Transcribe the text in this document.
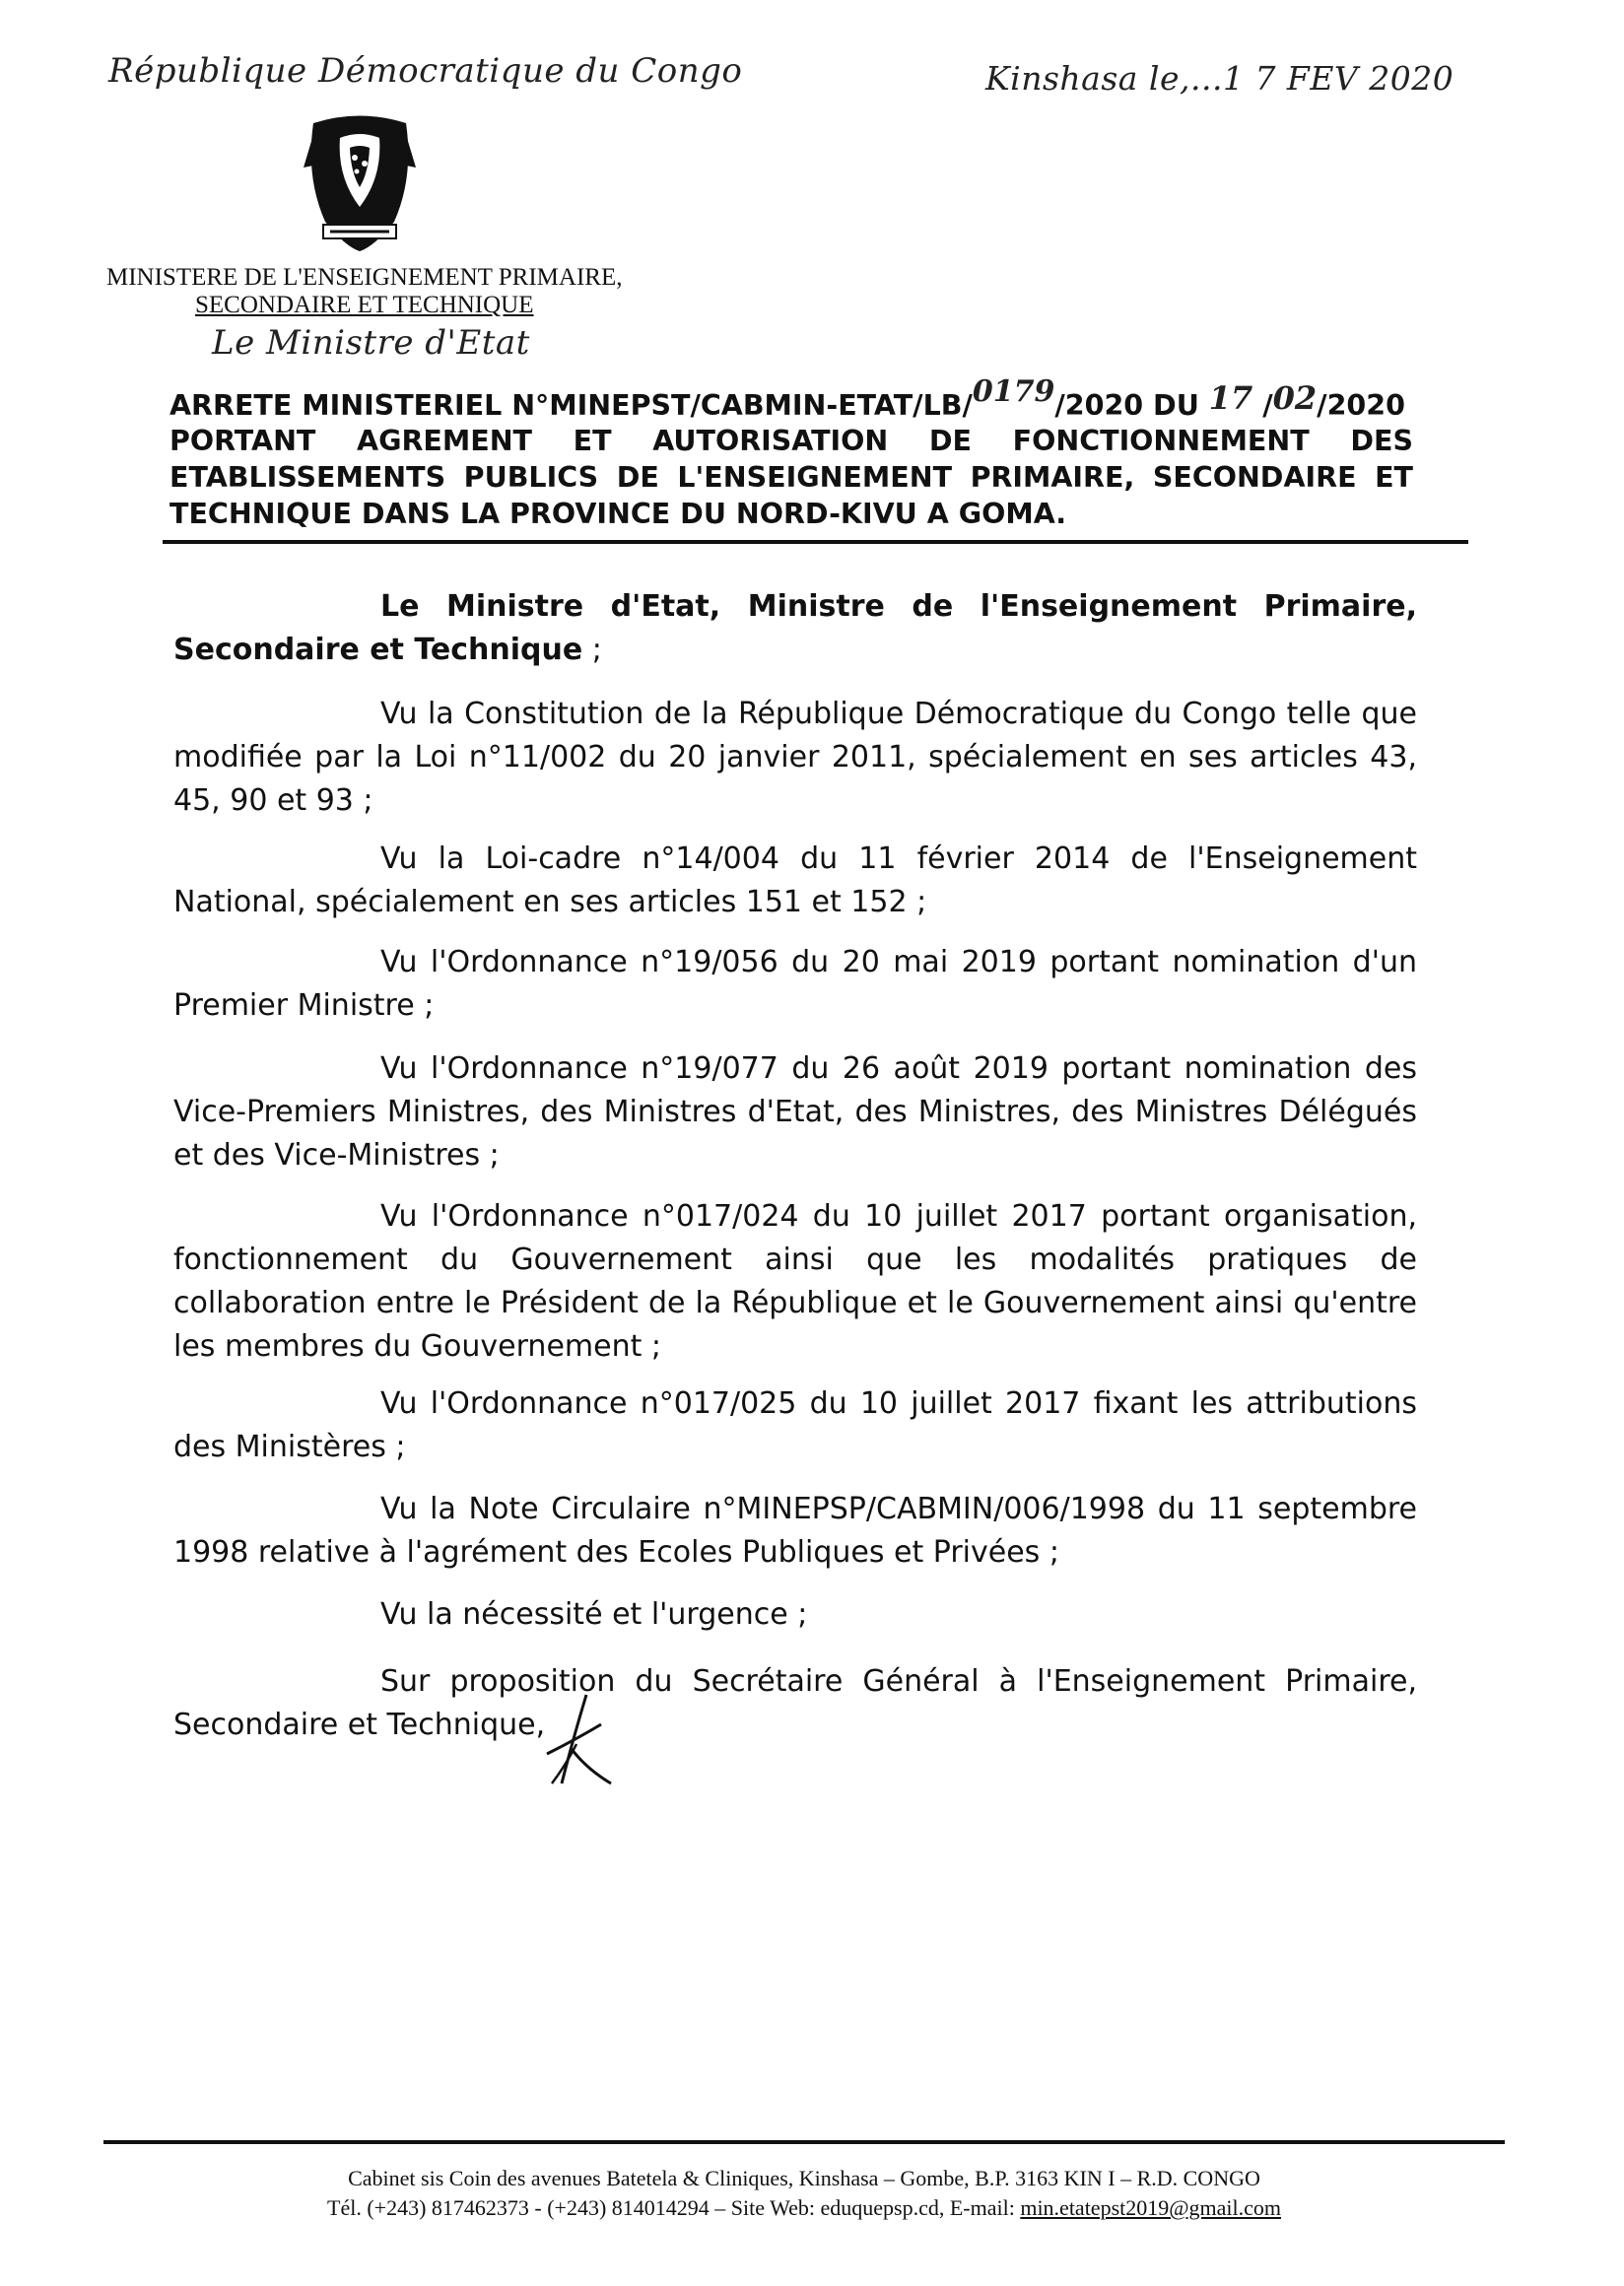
République Démocratique du Congo	Kinshasa le,...1 7 FEV 2020
MINISTERE DE L'ENSEIGNEMENT PRIMAIRE,
SECONDAIRE ET TECHNIQUE
Le Ministre d'Etat
ARRETE MINISTERIEL N°MINEPST/CABMIN-ETAT/LB/0179/2020 DU 17 /02/2020
PORTANT AGREMENT ET AUTORISATION DE FONCTIONNEMENT DES
ETABLISSEMENTS PUBLICS DE L'ENSEIGNEMENT PRIMAIRE, SECONDAIRE ET
TECHNIQUE DANS LA PROVINCE DU NORD-KIVU A GOMA.
Le Ministre d'Etat, Ministre de l'Enseignement Primaire, Secondaire et Technique ;
Vu la Constitution de la République Démocratique du Congo telle que modifiée par la Loi n°11/002 du 20 janvier 2011, spécialement en ses articles 43, 45, 90 et 93 ;
Vu la Loi-cadre n°14/004 du 11 février 2014 de l'Enseignement National, spécialement en ses articles 151 et 152 ;
Vu l'Ordonnance n°19/056 du 20 mai 2019 portant nomination d'un Premier Ministre ;
Vu l'Ordonnance n°19/077 du 26 août 2019 portant nomination des Vice-Premiers Ministres, des Ministres d'Etat, des Ministres, des Ministres Délégués et des Vice-Ministres ;
Vu l'Ordonnance n°017/024 du 10 juillet 2017 portant organisation, fonctionnement du Gouvernement ainsi que les modalités pratiques de collaboration entre le Président de la République et le Gouvernement ainsi qu'entre les membres du Gouvernement ;
Vu l'Ordonnance n°017/025 du 10 juillet 2017 fixant les attributions des Ministères ;
Vu la Note Circulaire n°MINEPSP/CABMIN/006/1998 du 11 septembre 1998 relative à l'agrément des Ecoles Publiques et Privées ;
Vu la nécessité et l'urgence ;
Sur proposition du Secrétaire Général à l'Enseignement Primaire, Secondaire et Technique,
Cabinet sis Coin des avenues Batetela & Cliniques, Kinshasa – Gombe, B.P. 3163 KIN I – R.D. CONGO
Tél. (+243) 817462373 - (+243) 814014294 – Site Web: eduquepsp.cd, E-mail: min.etatepst2019@gmail.com
